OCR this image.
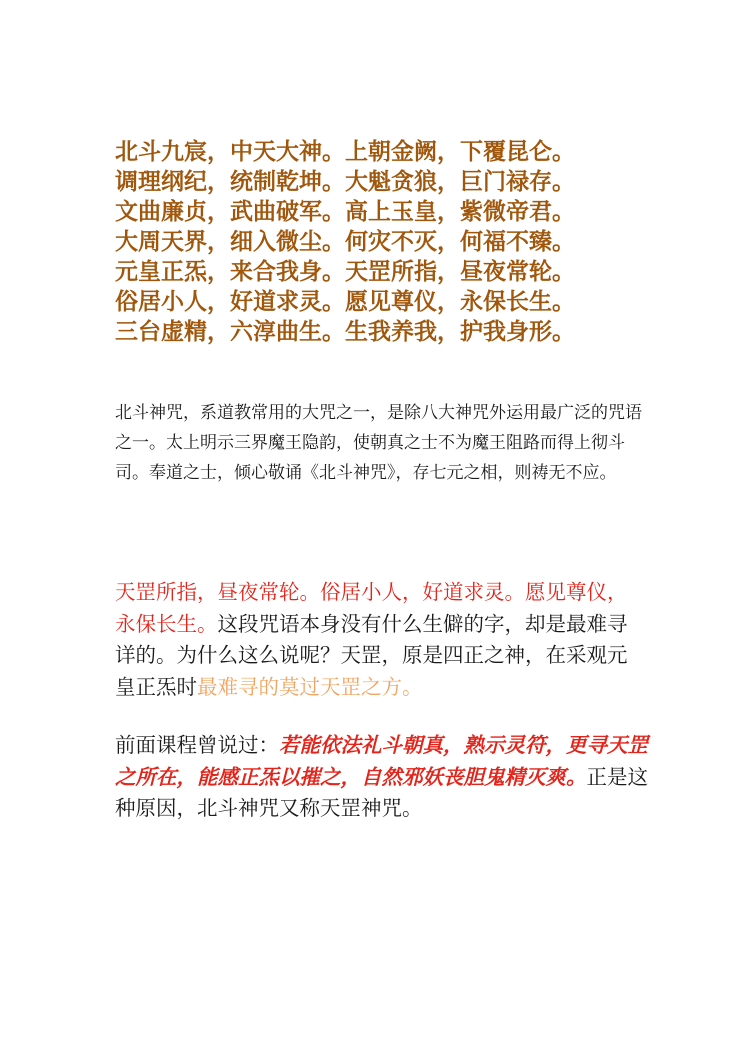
北斗九宸，中天大神。上朝金阙，下覆昆仑。
调理纲纪，统制乾坤。大魁贪狼，巨门禄存。
文曲廉贞，武曲破军。高上玉皇，紫微帝君。
大周天界，细入微尘。何灾不灭，何福不臻。
元皇正炁，来合我身。天罡所指，昼夜常轮。
俗居小人，好道求灵。愿见尊仪，永保长生。
三台虚精，六淳曲生。生我养我，护我身形。

北斗神咒，系道教常用的大咒之一，是除八大神咒外运用最广泛的咒语之一。太上明示三界魔王隐韵，使朝真之士不为魔王阻路而得上彻斗司。奉道之士，倾心敬诵《北斗神咒》，存七元之相，则祷无不应。

天罡所指，昼夜常轮。俗居小人，好道求灵。愿见尊仪，永保长生。这段咒语本身没有什么生僻的字，却是最难寻详的。为什么这么说呢？天罡，原是四正之神，在采观元皇正炁时最难寻的莫过天罡之方。

前面课程曾说过：若能依法礼斗朝真，熟示灵符，更寻天罡之所在，能感正炁以摧之，自然邪妖丧胆鬼精灭爽。正是这种原因，北斗神咒又称天罡神咒。
